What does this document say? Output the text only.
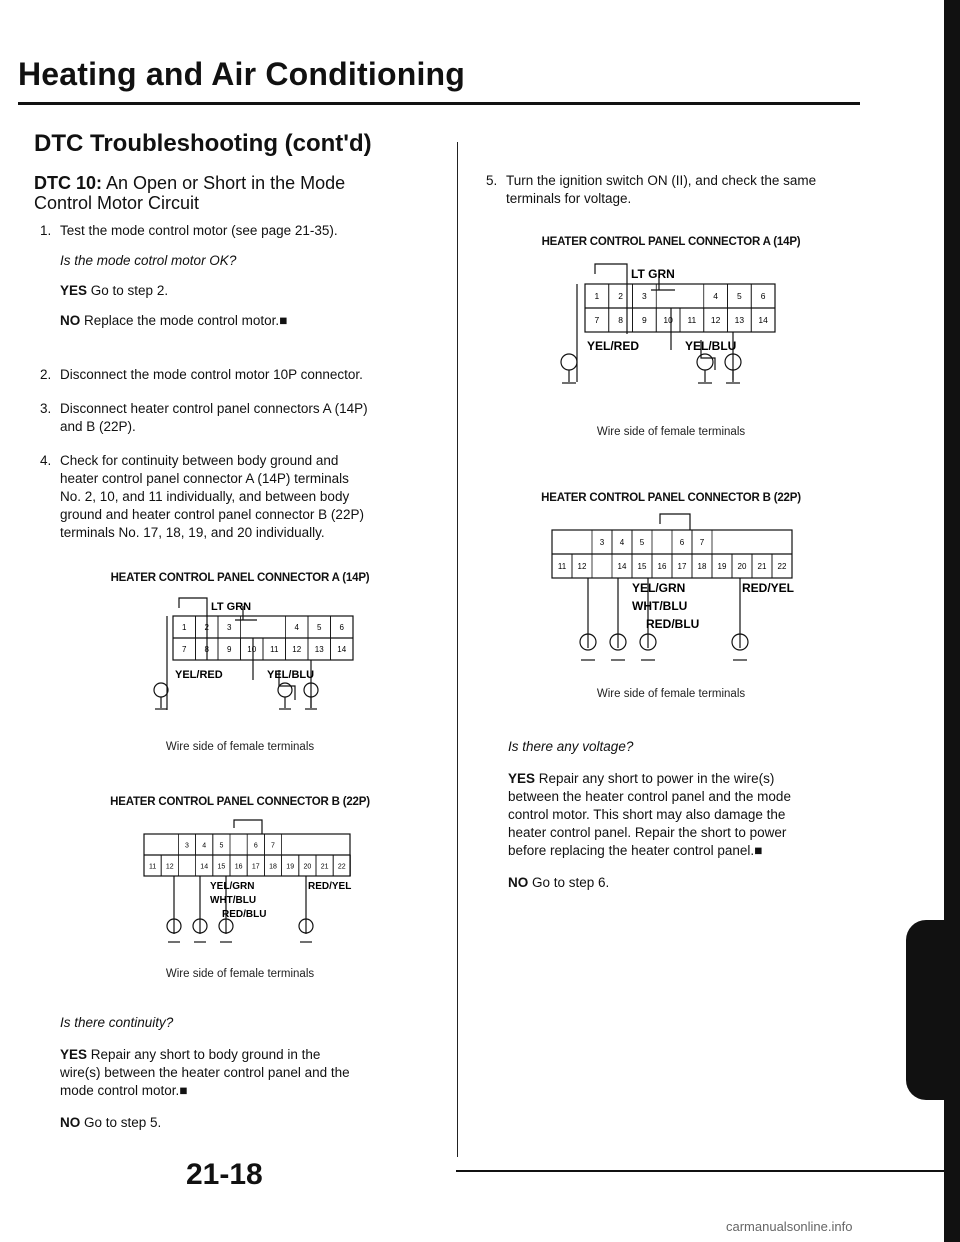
Heating and Air Conditioning
DTC Troubleshooting (cont'd)
DTC 10: An Open or Short in the Mode
Control Motor Circuit
1. Test the mode control motor (see page 21-35).
Is the mode cotrol motor OK?
YES Go to step 2.
NO Replace the mode control motor.■
2. Disconnect the mode control motor 10P connector.
3. Disconnect heater control panel connectors A (14P)
and B (22P).
4. Check for continuity between body ground and
heater control panel connector A (14P) terminals
No. 2, 10, and 11 individually, and between body
ground and heater control panel connector B (22P)
terminals No. 17, 18, 19, and 20 individually.
HEATER CONTROL PANEL CONNECTOR A (14P)
LT GRN
YEL/RED	YEL/BLU
1 2 3	4 5 6
7 8 9 10 11 12 13 14
Wire side of female terminals
HEATER CONTROL PANEL CONNECTOR B (22P)
YEL/GRN	RED/YEL
WHT/BLU
RED/BLU
3 4 5	6 7
11 12	14 15 16 17 18 19 20 21 22
Wire side of female terminals
Is there continuity?
YES Repair any short to body ground in the
wire(s) between the heater control panel and the
mode control motor.■
NO Go to step 5.
5. Turn the ignition switch ON (II), and check the same
terminals for voltage.
HEATER CONTROL PANEL CONNECTOR A (14P)
LT GRN
YEL/RED	YEL/BLU
1 2 3	4 5 6
7 8 9 10 11 12 13 14
Wire side of female terminals
HEATER CONTROL PANEL CONNECTOR B (22P)
YEL/GRN	RED/YEL
WHT/BLU
RED/BLU
3 4 5	6 7
11 12	14 15 16 17 18 19 20 21 22
Wire side of female terminals
Is there any voltage?
YES Repair any short to power in the wire(s)
between the heater control panel and the mode
control motor. This short may also damage the
heater control panel. Repair the short to power
before replacing the heater control panel.■
NO Go to step 6.
21-18
carmanualsonline.info
